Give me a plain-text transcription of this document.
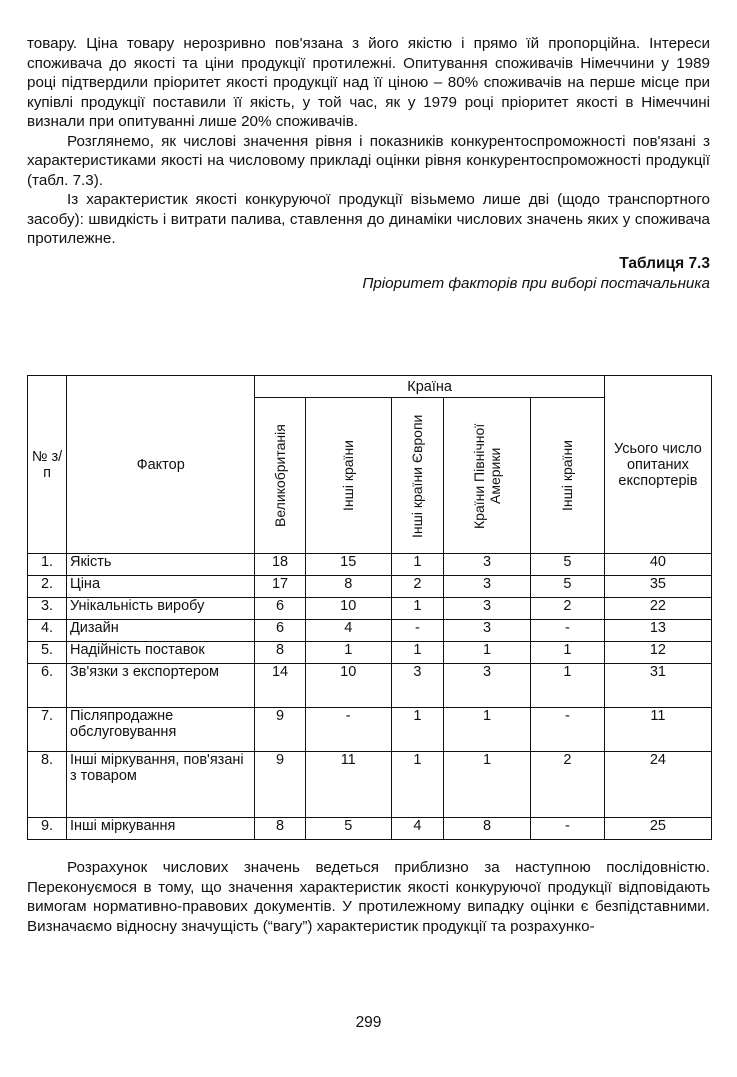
товару. Ціна товару нерозривно пов'язана з його якістю і прямо їй пропорційна. Інтереси споживача до якості та ціни продукції протилежні. Опитування споживачів Німеччини у 1989 році підтвердили пріоритет якості продукції над її ціною – 80% споживачів на перше місце при купівлі продукції поставили її якість, у той час, як у 1979 році пріоритет якості в Німеччині визнали при опитуванні лише 20% споживачів.

Розглянемо, як числові значення рівня і показників конкурентоспроможності пов'язані з характеристиками якості на числовому прикладі оцінки рівня конкурентоспроможності продукції (табл. 7.3).

Із характеристик якості конкуруючої продукції візьмемо лише дві (щодо транспортного засобу): швидкість і витрати палива, ставлення до динаміки числових значень яких у споживача протилежне.

Таблиця 7.3
Пріоритет факторів при виборі постачальника
№ з/п	Фактор	Країна					Усього число опитаних експортерів

		Великобританія	Інші країни	Інші країни Європи	Країни Північної Америки	Інші країни	

1.	Якість	18	15	1	3	5	40
2.	Ціна	17	8	2	3	5	35
3.	Унікальність виробу	6	10	1	3	2	22
4.	Дизайн	6	4	-	3	-	13
5.	Надійність поставок	8	1	1	1	1	12
6.	Зв'язки з експортером	14	10	3	3	1	31
7.	Післяпродажне обслуговування	9	-	1	1	-	11
8.	Інші міркування, пов'язані з товаром	9	11	1	1	2	24
9.	Інші міркування	8	5	4	8	-	25

Розрахунок числових значень ведеться приблизно за наступною послідовністю. Переконуємося в тому, що значення характеристик якості конкуруючої продукції відповідають вимогам нормативно-правових документів. У протилежному випадку оцінки є безпідставними. Визначаємо відносну значущість (“вагу”) характеристик продукції та розрахунко-

299
